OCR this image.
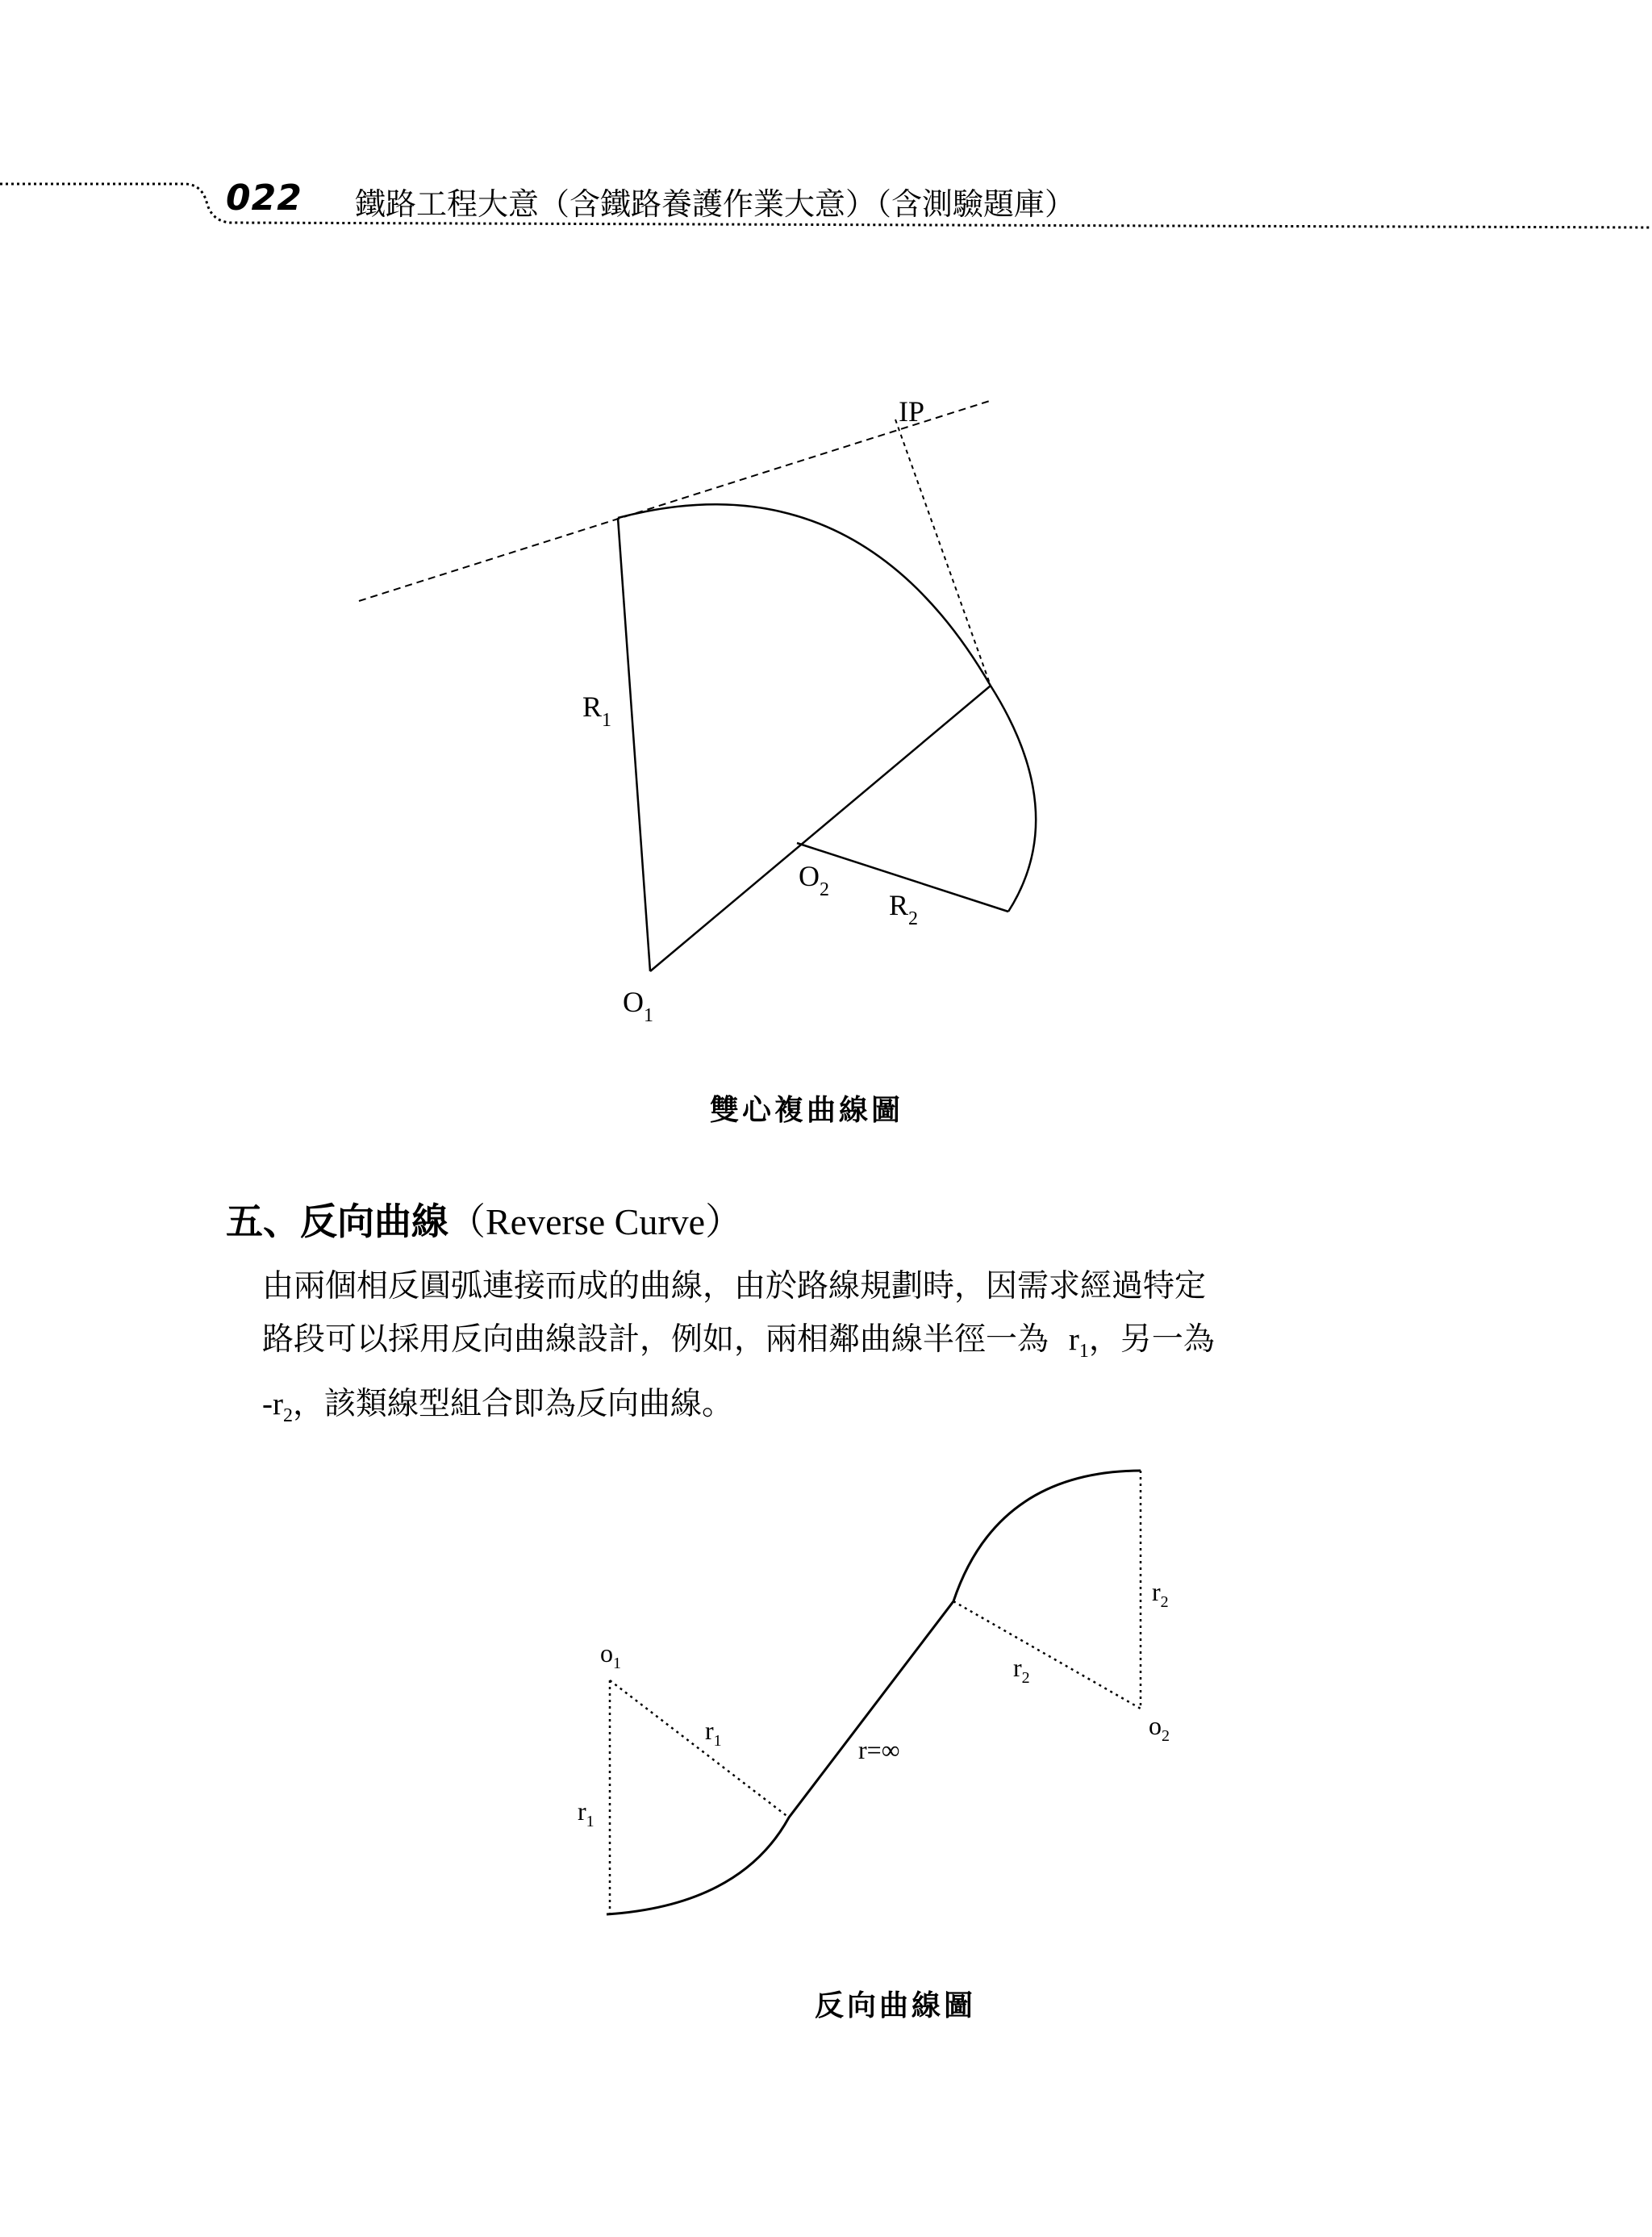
022 鐵路工程大意（含鐵路養護作業大意）（含測驗題庫）
IP
$R_1$
$O_2$ $R_2$
$O_1$
雙心複曲線圖
五、反向曲線（Reverse Curve）
由兩個相反圓弧連接而成的曲線，由於路線規劃時，因需求經過特定
路段可以採用反向曲線設計，例如，兩相鄰曲線半徑一為 $r_1$，另一為
$-r_2$，該類線型組合即為反向曲線。
$o_1$
$r_1$
$r_1$	r=∞
$r_2$
$r_2$
$o_2$
反向曲線圖
